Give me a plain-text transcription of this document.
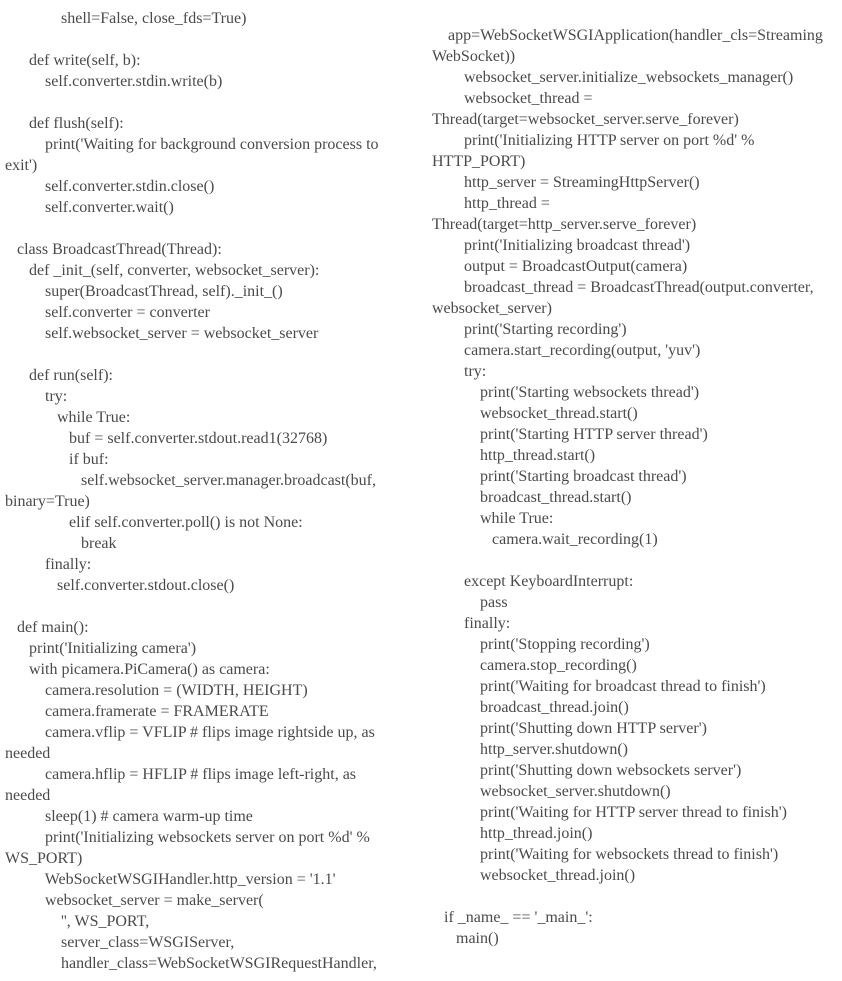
shell=False, close_fds=True)
def write(self, b):
self.converter.stdin.write(b)
def flush(self):
print('Waiting for background conversion process to
exit')
self.converter.stdin.close()
self.converter.wait()
class BroadcastThread(Thread):
def _init_(self, converter, websocket_server):
super(BroadcastThread, self)._init_()
self.converter = converter
self.websocket_server = websocket_server
def run(self):
try:
while True:
buf = self.converter.stdout.read1(32768)
if buf:
self.websocket_server.manager.broadcast(buf,
binary=True)
elif self.converter.poll() is not None:
break
finally:
self.converter.stdout.close()
def main():
print('Initializing camera')
with picamera.PiCamera() as camera:
camera.resolution = (WIDTH, HEIGHT)
camera.framerate = FRAMERATE
camera.vflip = VFLIP # flips image rightside up, as
needed
camera.hflip = HFLIP # flips image left-right, as
needed
sleep(1) # camera warm-up time
print('Initializing websockets server on port %d' %
WS_PORT)
WebSocketWSGIHandler.http_version = '1.1'
websocket_server = make_server(
'', WS_PORT,
server_class=WSGIServer,
handler_class=WebSocketWSGIRequestHandler,
app=WebSocketWSGIApplication(handler_cls=Streaming
WebSocket))
websocket_server.initialize_websockets_manager()
websocket_thread =
Thread(target=websocket_server.serve_forever)
print('Initializing HTTP server on port %d' %
HTTP_PORT)
http_server = StreamingHttpServer()
http_thread =
Thread(target=http_server.serve_forever)
print('Initializing broadcast thread')
output = BroadcastOutput(camera)
broadcast_thread = BroadcastThread(output.converter,
websocket_server)
print('Starting recording')
camera.start_recording(output, 'yuv')
try:
print('Starting websockets thread')
websocket_thread.start()
print('Starting HTTP server thread')
http_thread.start()
print('Starting broadcast thread')
broadcast_thread.start()
while True:
camera.wait_recording(1)
except KeyboardInterrupt:
pass
finally:
print('Stopping recording')
camera.stop_recording()
print('Waiting for broadcast thread to finish')
broadcast_thread.join()
print('Shutting down HTTP server')
http_server.shutdown()
print('Shutting down websockets server')
websocket_server.shutdown()
print('Waiting for HTTP server thread to finish')
http_thread.join()
print('Waiting for websockets thread to finish')
websocket_thread.join()
if _name_ == '_main_':
main()
